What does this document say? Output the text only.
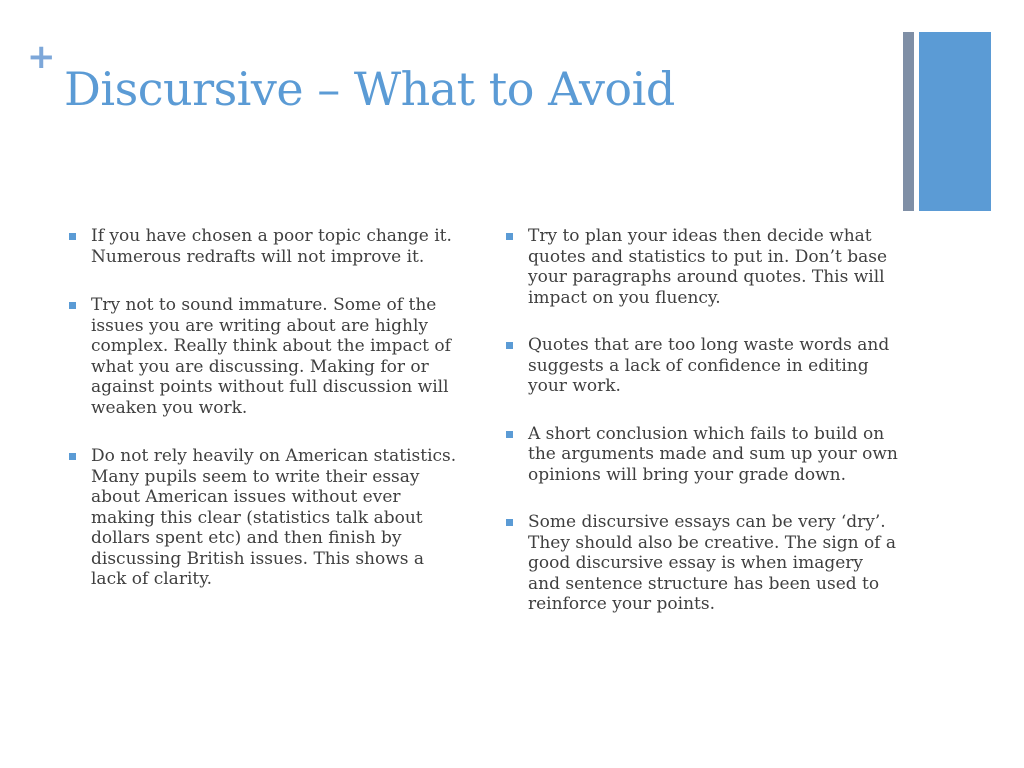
+
Discursive – What to Avoid
If you have chosen a poor topic change it. Numerous redrafts will not improve it.
Try not to sound immature. Some of the issues you are writing about are highly complex. Really think about the impact of what you are discussing. Making for or against points without full discussion will weaken you work.
Do not rely heavily on American statistics. Many pupils seem to write their essay about American issues without ever making this clear (statistics talk about dollars spent etc) and then finish by discussing British issues. This shows a lack of clarity.
Try to plan your ideas then decide what quotes and statistics to put in. Don’t base your paragraphs around quotes. This will impact on you fluency.
Quotes that are too long waste words and suggests a lack of confidence in editing your work.
A short conclusion which fails to build on the arguments made and sum up your own opinions will bring your grade down.
Some discursive essays can be very ‘dry’. They should also be creative. The sign of a good discursive essay is when imagery and sentence structure has been used to reinforce your points.
